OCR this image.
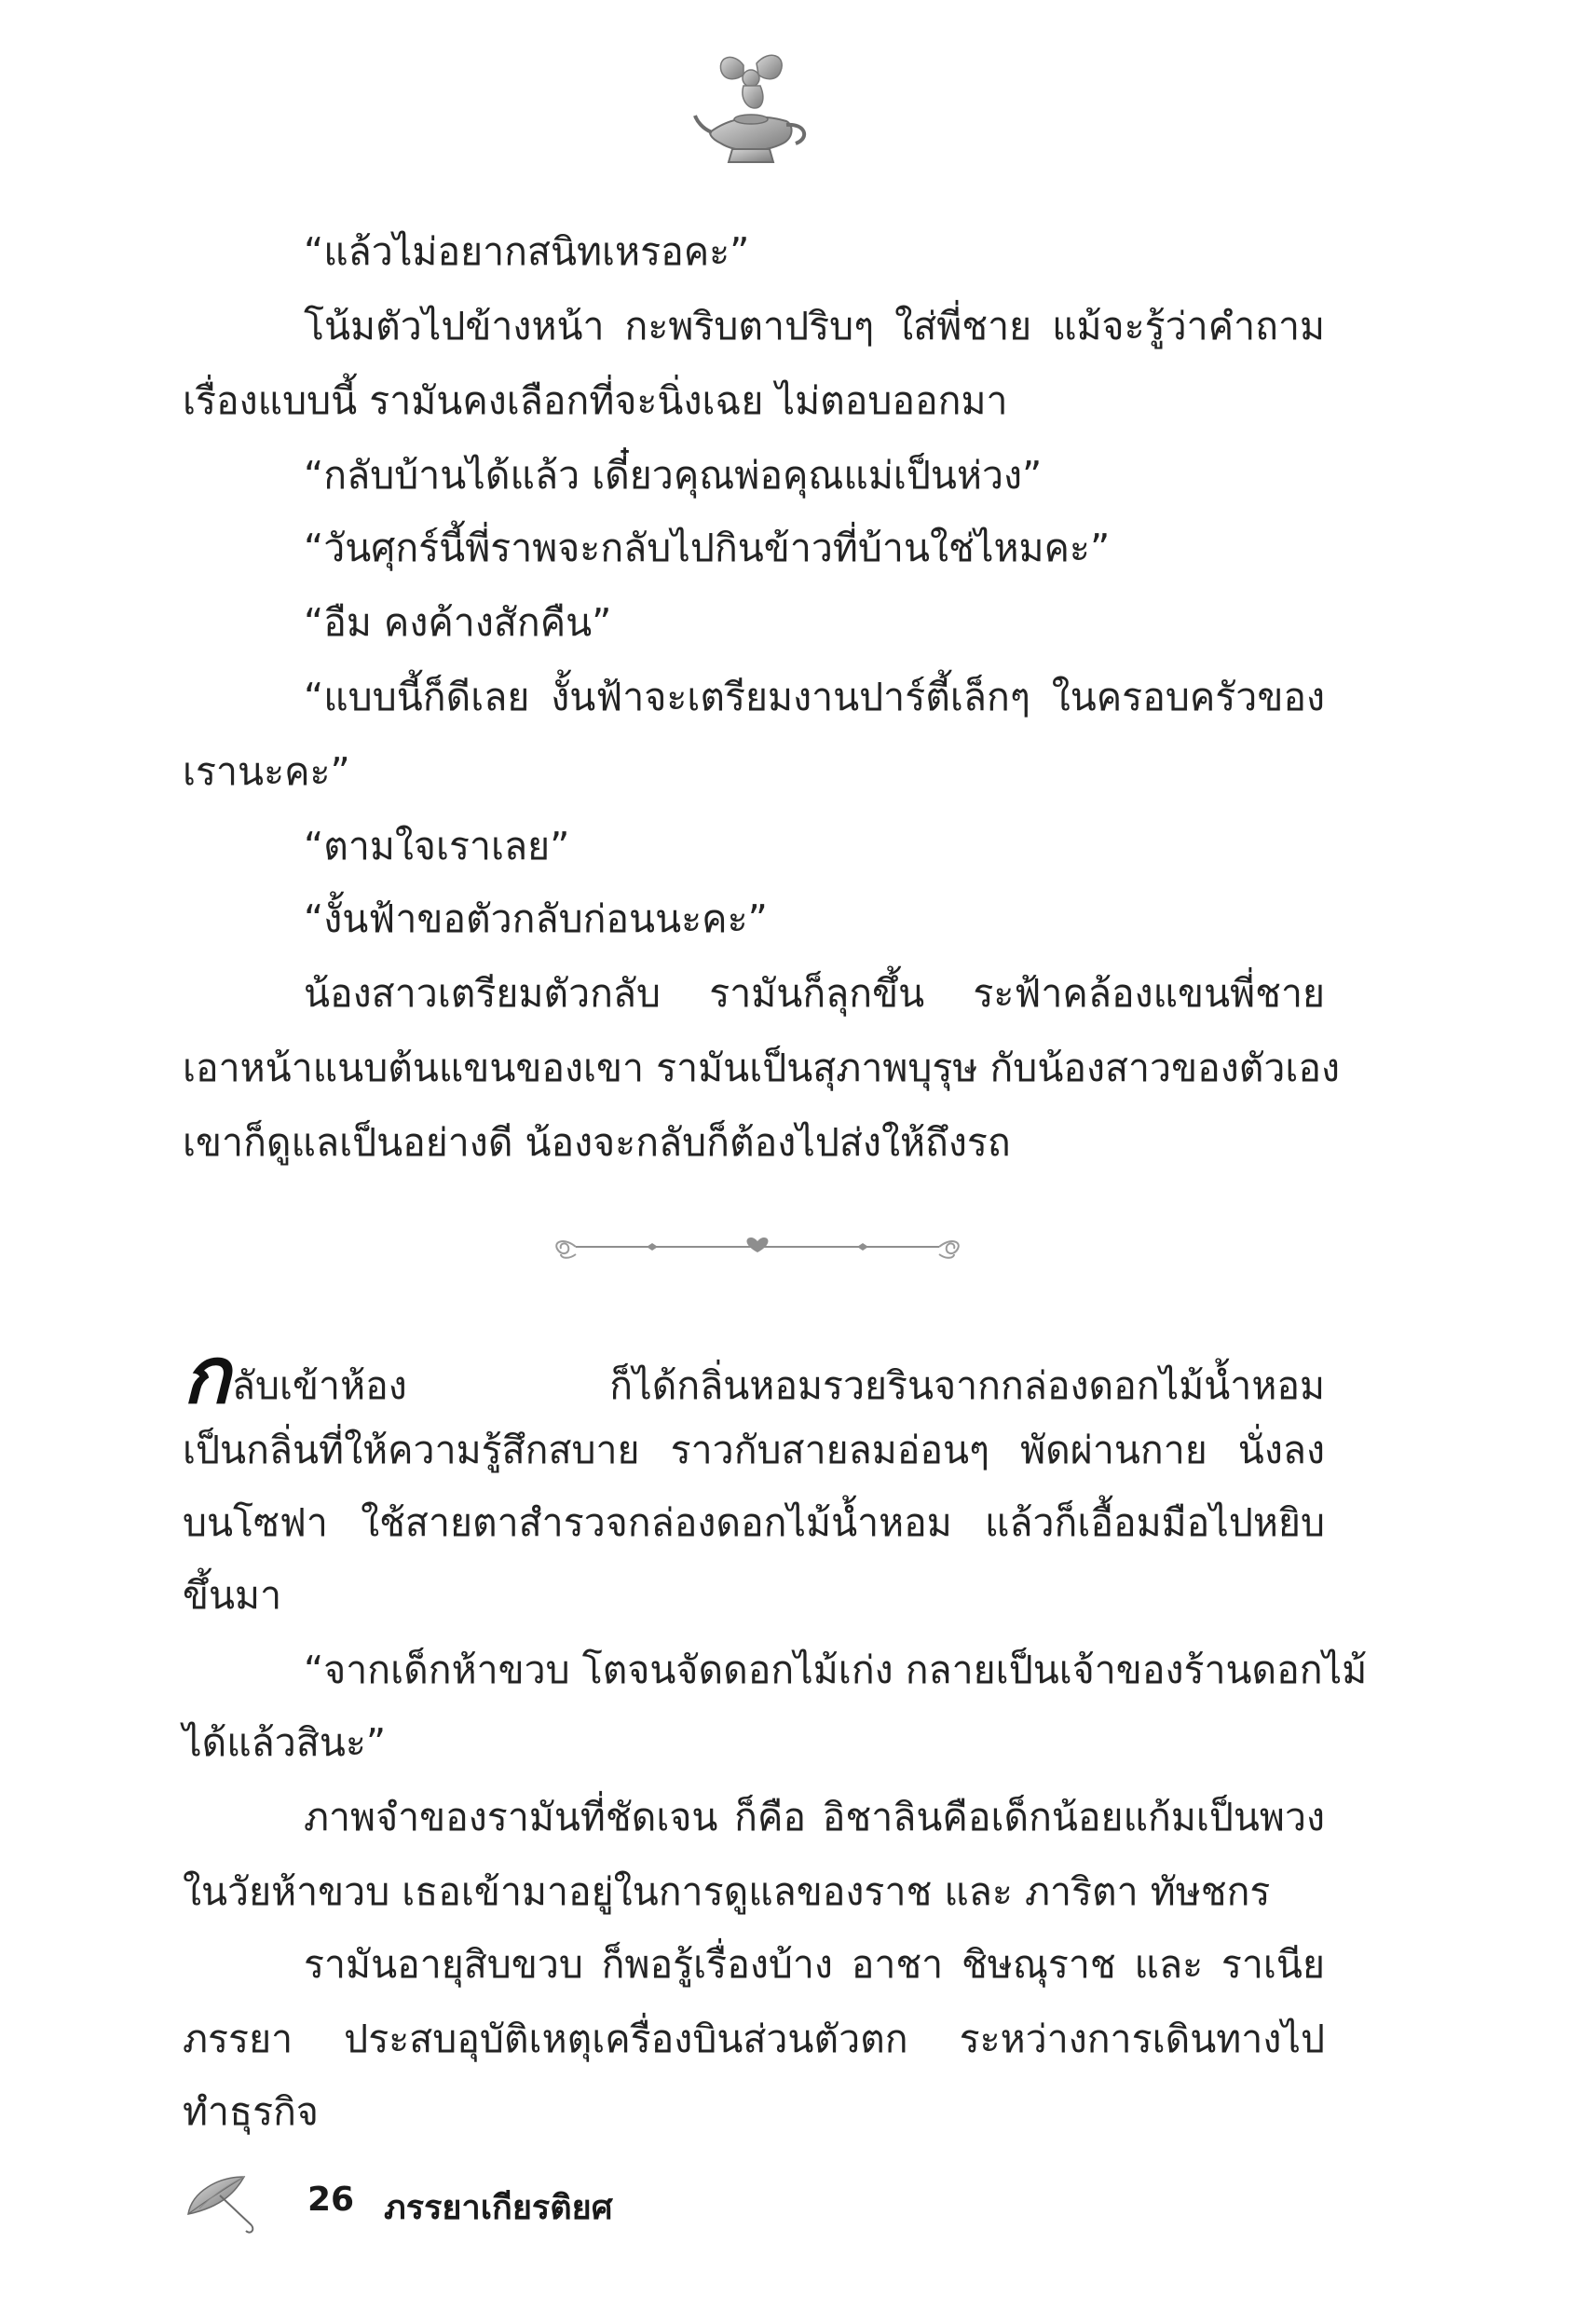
“แล้วไม่อยากสนิทเหรอคะ”
โน้มตัวไปข้างหน้า กะพริบตาปริบๆ ใส่พี่ชาย แม้จะรู้ว่าคำถาม
เรื่องแบบนี้ รามันคงเลือกที่จะนิ่งเฉย ไม่ตอบออกมา
“กลับบ้านได้แล้ว เดี๋ยวคุณพ่อคุณแม่เป็นห่วง”
“วันศุกร์นี้พี่ราพจะกลับไปกินข้าวที่บ้านใช่ไหมคะ”
“อืม คงค้างสักคืน”
“แบบนี้ก็ดีเลย งั้นฟ้าจะเตรียมงานปาร์ตี้เล็กๆ ในครอบครัวของ
เรานะคะ”
“ตามใจเราเลย”
“งั้นฟ้าขอตัวกลับก่อนนะคะ”
น้องสาวเตรียมตัวกลับ รามันก็ลุกขึ้น ระฟ้าคล้องแขนพี่ชาย
เอาหน้าแนบต้นแขนของเขา รามันเป็นสุภาพบุรุษ กับน้องสาวของตัวเอง
เขาก็ดูแลเป็นอย่างดี น้องจะกลับก็ต้องไปส่งให้ถึงรถ
กลับเข้าห้อง ก็ได้กลิ่นหอมรวยรินจากกล่องดอกไม้น้ำหอม
เป็นกลิ่นที่ให้ความรู้สึกสบาย ราวกับสายลมอ่อนๆ พัดผ่านกาย นั่งลง
บนโซฟา ใช้สายตาสำรวจกล่องดอกไม้น้ำหอม แล้วก็เอื้อมมือไปหยิบ
ขึ้นมา
“จากเด็กห้าขวบ โตจนจัดดอกไม้เก่ง กลายเป็นเจ้าของร้านดอกไม้
ได้แล้วสินะ”
ภาพจำของรามันที่ชัดเจน ก็คือ อิชาลินคือเด็กน้อยแก้มเป็นพวง
ในวัยห้าขวบ เธอเข้ามาอยู่ในการดูแลของราช และ ภาริตา ทัษชกร
รามันอายุสิบขวบ ก็พอรู้เรื่องบ้าง อาชา ชิษณุราช และ ราเนีย
ภรรยา ประสบอุบัติเหตุเครื่องบินส่วนตัวตก ระหว่างการเดินทางไป
ทำธุรกิจ
26 ภรรยาเกียรติยศ
